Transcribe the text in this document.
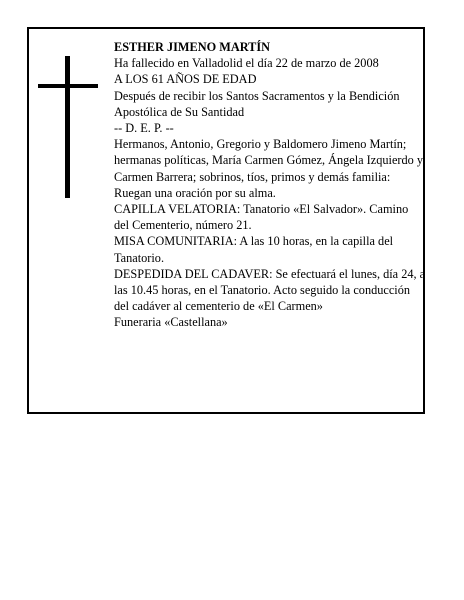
ESTHER JIMENO MARTÍN

Ha fallecido en Valladolid el día 22 de marzo de 2008

A LOS 61 AÑOS DE EDAD

Después de recibir los Santos Sacramentos y la Bendición Apostólica de Su Santidad

-- D. E. P. --

Hermanos, Antonio, Gregorio y Baldomero Jimeno Martín; hermanas políticas, María Carmen Gómez, Ángela Izquierdo y Carmen Barrera; sobrinos, tíos, primos y demás familia:

Ruegan una oración por su alma.

CAPILLA VELATORIA: Tanatorio «El Salvador». Camino del Cementerio, número 21.

MISA COMUNITARIA: A las 10 horas, en la capilla del Tanatorio.

DESPEDIDA DEL CADAVER: Se efectuará el lunes, día 24, a las 10.45 horas, en el Tanatorio. Acto seguido la conducción del cadáver al cementerio de «El Carmen»

Funeraria «Castellana»
